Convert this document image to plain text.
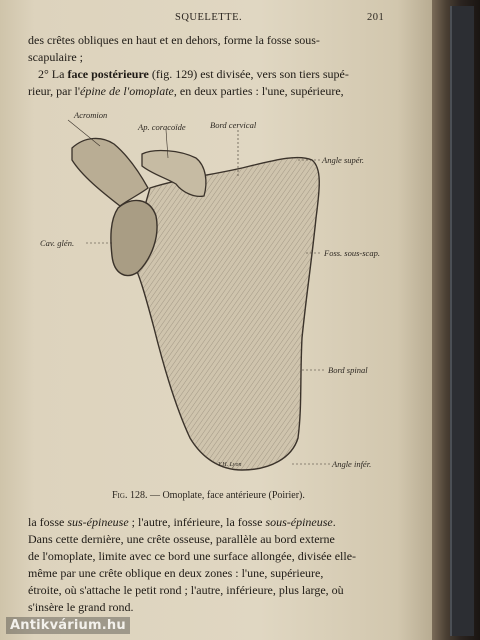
SQUELETTE.	201

des crêtes obliques en haut et en dehors, forme la fosse sous-

scapulaire ;

2° La face postérieure (fig. 129) est divisée, vers son tiers supé-

rieur, par l'épine de l'omoplate, en deux parties : l'une, supérieure,

Acromion
Ap. coracoïde	Bord cervical
Angle supér.
Cav. glén.
Foss. sous-scap.
Bord spinal
Angle infér.
Y.H. Lyon
Fig. 128. — Omoplate, face antérieure (Poirier).

la fosse sus-épineuse ; l'autre, inférieure, la fosse sous-épineuse.

Dans cette dernière, une crête osseuse, parallèle au bord externe

de l'omoplate, limite avec ce bord une surface allongée, divisée elle-

même par une crête oblique en deux zones : l'une, supérieure,

étroite, où s'attache le petit rond ; l'autre, inférieure, plus large, où

s'insère le grand rond.

Antikvárium.hu
